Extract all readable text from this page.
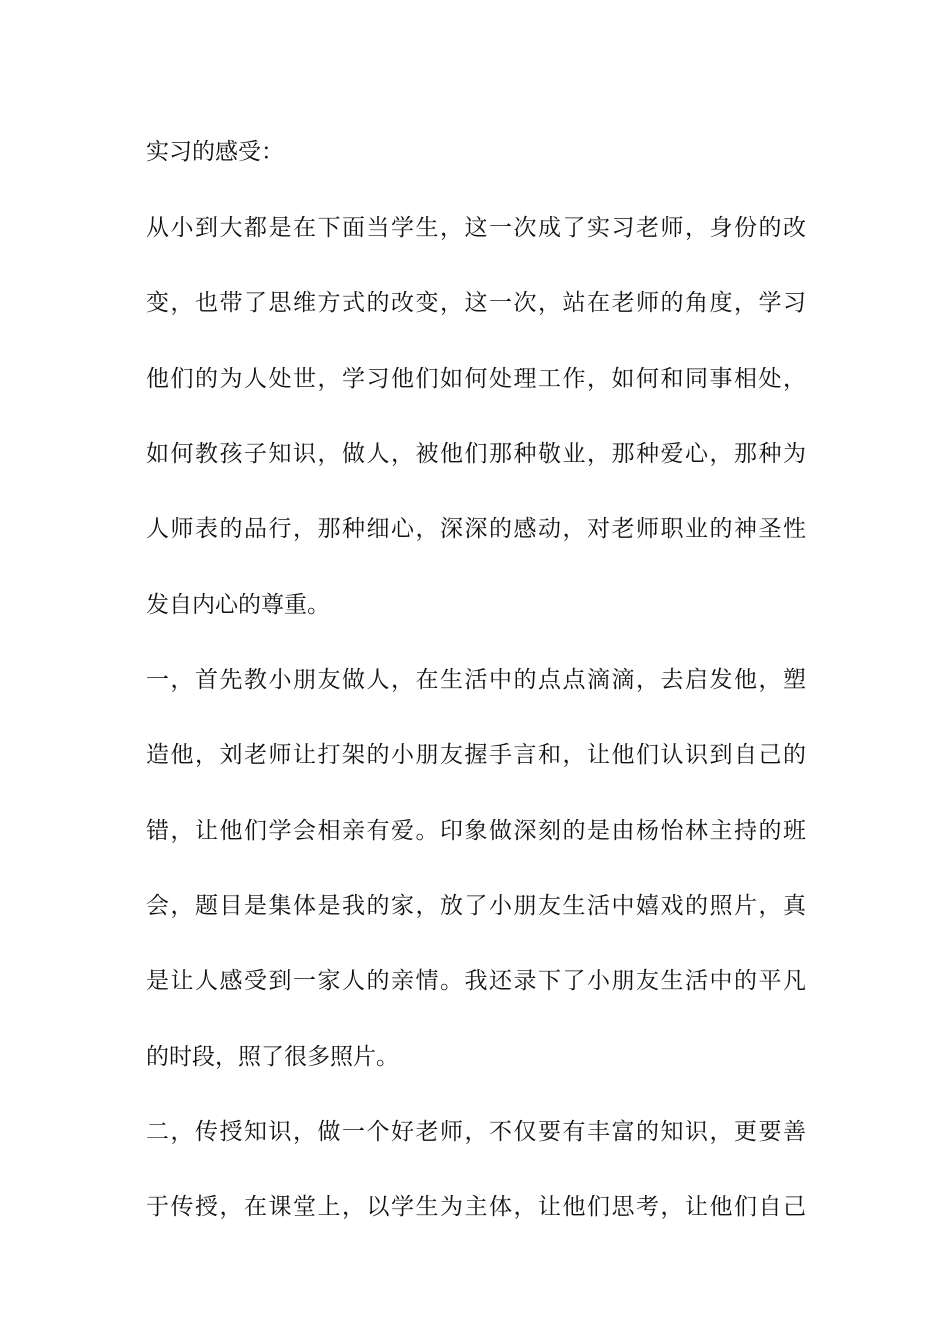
实习的感受：
从小到大都是在下面当学生，这一次成了实习老师，身份的改
变，也带了思维方式的改变，这一次，站在老师的角度，学习
他们的为人处世，学习他们如何处理工作，如何和同事相处，
如何教孩子知识，做人，被他们那种敬业，那种爱心，那种为
人师表的品行，那种细心，深深的感动，对老师职业的神圣性
发自内心的尊重。
一，首先教小朋友做人，在生活中的点点滴滴，去启发他，塑
造他，刘老师让打架的小朋友握手言和，让他们认识到自己的
错，让他们学会相亲有爱。印象做深刻的是由杨怡林主持的班
会，题目是集体是我的家，放了小朋友生活中嬉戏的照片，真
是让人感受到一家人的亲情。我还录下了小朋友生活中的平凡
的时段，照了很多照片。
二，传授知识，做一个好老师，不仅要有丰富的知识，更要善
于传授，在课堂上，以学生为主体，让他们思考，让他们自己
